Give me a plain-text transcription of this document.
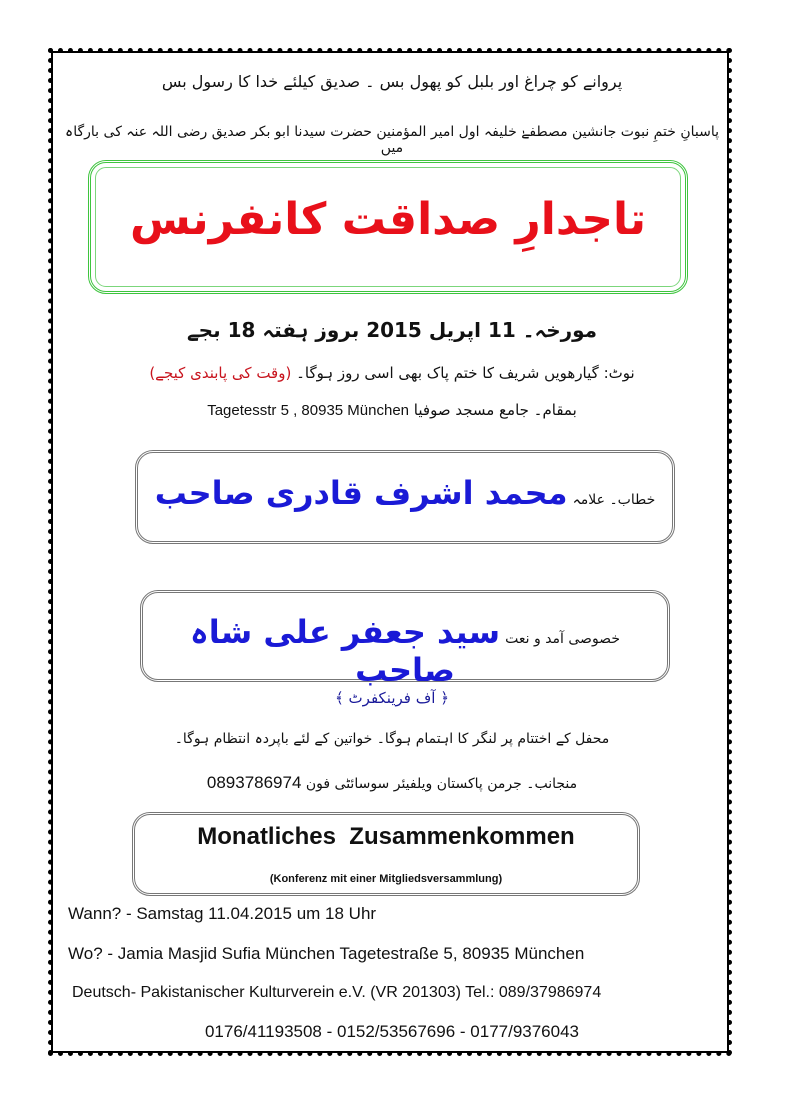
پروانے کو چراغ اور بلبل کو پھول بس ۔ صدیق کیلئے خدا کا رسول بس
پاسبانِ ختمِ نبوت جانشین مصطفےٰ خلیفہ اول امیر المؤمنین حضرت سیدنا ابو بکر صدیق رضی اللہ عنہ کی بارگاہ میں
تاجدارِ صداقت کانفرنس
مورخہ۔ 11 اپریل 2015 بروز ہفتہ 18 بجے
نوٹ: گیارھویں شریف کا ختم پاک بھی اسی روز ہوگا۔ (وقت کی پابندی کیجے)
بمقام۔ جامع مسجد صوفیا Tagetesstr 5 , 80935 München
خطاب۔ علامہ محمد اشرف قادری صاحب
خصوصی آمد و نعت سید جعفر علی شاہ صاحب
﴿ آف فرینکفرٹ ﴾
محفل کے اختتام پر لنگر کا اہتمام ہوگا۔ خواتین کے لئے باپردہ انتظام ہوگا۔
منجانب۔ جرمن پاکستان ویلفیئر سوسائٹی فون 0893786974
Monatliches  Zusammenkommen
(Konferenz mit einer Mitgliedsversammlung)
Wann? - Samstag 11.04.2015 um 18 Uhr
Wo? - Jamia Masjid Sufia München Tagetestraße 5, 80935 München
Deutsch- Pakistanischer Kulturverein e.V. (VR 201303) Tel.: 089/37986974
0176/41193508 - 0152/53567696 - 0177/9376043
